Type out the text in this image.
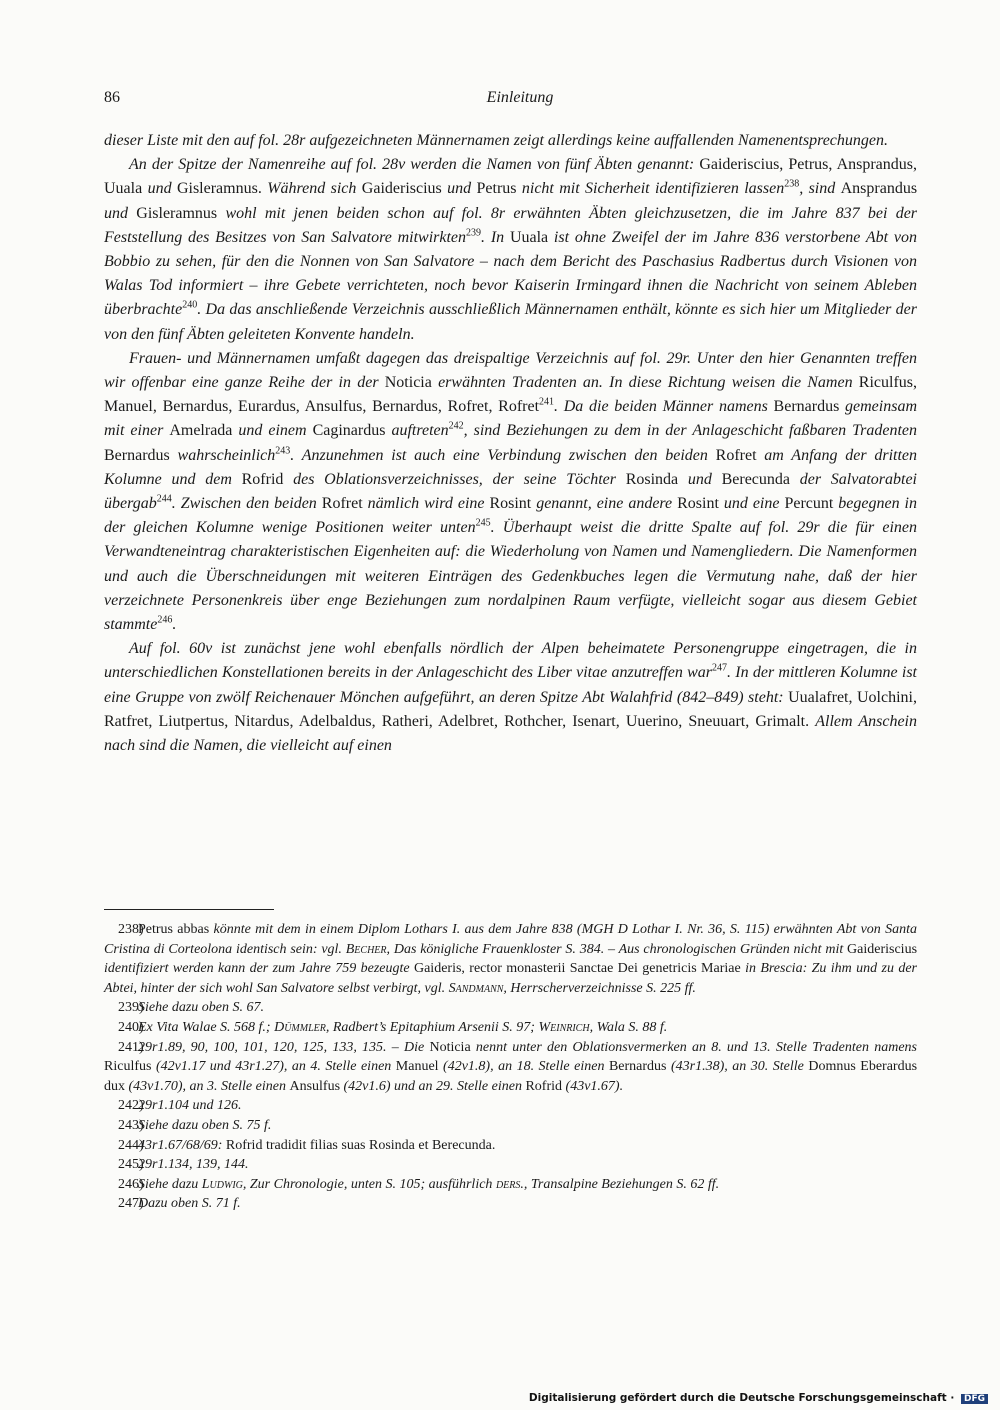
86	Einleitung

dieser Liste mit den auf fol. 28r aufgezeichneten Männernamen zeigt allerdings keine auffallenden Namenentsprechungen.

An der Spitze der Namenreihe auf fol. 28v werden die Namen von fünf Äbten genannt: Gaideriscius, Petrus, Ansprandus, Uuala und Gisleramnus. Während sich Gaideriscius und Petrus nicht mit Sicherheit identifizieren lassen$^{238}$, sind Ansprandus und Gisleramnus wohl mit jenen beiden schon auf fol. 8r erwähnten Äbten gleichzusetzen, die im Jahre 837 bei der Feststellung des Besitzes von San Salvatore mitwirkten$^{239}$. In Uuala ist ohne Zweifel der im Jahre 836 verstorbene Abt von Bobbio zu sehen, für den die Nonnen von San Salvatore – nach dem Bericht des Paschasius Radbertus durch Visionen von Walas Tod informiert – ihre Gebete verrichteten, noch bevor Kaiserin Irmingard ihnen die Nachricht von seinem Ableben überbrachte$^{240}$. Da das anschließende Verzeichnis ausschließlich Männernamen enthält, könnte es sich hier um Mitglieder der von den fünf Äbten geleiteten Konvente handeln.

Frauen- und Männernamen umfaßt dagegen das dreispaltige Verzeichnis auf fol. 29r. Unter den hier Genannten treffen wir offenbar eine ganze Reihe der in der Noticia erwähnten Tradenten an. In diese Richtung weisen die Namen Riculfus, Manuel, Bernardus, Eurardus, Ansulfus, Bernardus, Rofret, Rofret$^{241}$. Da die beiden Männer namens Bernardus gemeinsam mit einer Amelrada und einem Caginardus auftreten$^{242}$, sind Beziehungen zu dem in der Anlageschicht faßbaren Tradenten Bernardus wahrscheinlich$^{243}$. Anzunehmen ist auch eine Verbindung zwischen den beiden Rofret am Anfang der dritten Kolumne und dem Rofrid des Oblationsverzeichnisses, der seine Töchter Rosinda und Berecunda der Salvatorabtei übergab$^{244}$. Zwischen den beiden Rofret nämlich wird eine Rosint genannt, eine andere Rosint und eine Percunt begegnen in der gleichen Kolumne wenige Positionen weiter unten$^{245}$. Überhaupt weist die dritte Spalte auf fol. 29r die für einen Verwandteneintrag charakteristischen Eigenheiten auf: die Wiederholung von Namen und Namengliedern. Die Namenformen und auch die Überschneidungen mit weiteren Einträgen des Gedenkbuches legen die Vermutung nahe, daß der hier verzeichnete Personenkreis über enge Beziehungen zum nordalpinen Raum verfügte, vielleicht sogar aus diesem Gebiet stammte$^{246}$.

Auf fol. 60v ist zunächst jene wohl ebenfalls nördlich der Alpen beheimatete Personengruppe eingetragen, die in unterschiedlichen Konstellationen bereits in der Anlageschicht des Liber vitae anzutreffen war$^{247}$. In der mittleren Kolumne ist eine Gruppe von zwölf Reichenauer Mönchen aufgeführt, an deren Spitze Abt Walahfrid (842–849) steht: Uualafret, Uolchini, Ratfret, Liutpertus, Nitardus, Adelbaldus, Ratheri, Adelbret, Rothcher, Isenart, Uuerino, Sneuuart, Grimalt. Allem Anschein nach sind die Namen, die vielleicht auf einen

238)Petrus abbas könnte mit dem in einem Diplom Lothars I. aus dem Jahre 838 (MGH D Lothar I. Nr. 36, S. 115) erwähnten Abt von Santa Cristina di Corteolona identisch sein: vgl. Becher, Das königliche Frauenkloster S. 384. – Aus chronologischen Gründen nicht mit Gaideriscius identifiziert werden kann der zum Jahre 759 bezeugte Gaideris, rector monasterii Sanctae Dei genetricis Mariae in Brescia: Zu ihm und zu der Abtei, hinter der sich wohl San Salvatore selbst verbirgt, vgl. Sandmann, Herrscherverzeichnisse S. 225 ff.

239)Siehe dazu oben S. 67.

240)Ex Vita Walae S. 568 f.; Dümmler, Radbert’s Epitaphium Arsenii S. 97; Weinrich, Wala S. 88 f.

241)29r1.89, 90, 100, 101, 120, 125, 133, 135. – Die Noticia nennt unter den Oblationsvermerken an 8. und 13. Stelle Tradenten namens Riculfus (42v1.17 und 43r1.27), an 4. Stelle einen Manuel (42v1.8), an 18. Stelle einen Bernardus (43r1.38), an 30. Stelle Domnus Eberardus dux (43v1.70), an 3. Stelle einen Ansulfus (42v1.6) und an 29. Stelle einen Rofrid (43v1.67).

242)29r1.104 und 126.

243)Siehe dazu oben S. 75 f.

244)43r1.67/68/69: Rofrid tradidit filias suas Rosinda et Berecunda.

245)29r1.134, 139, 144.

246)Siehe dazu Ludwig, Zur Chronologie, unten S. 105; ausführlich ders., Transalpine Beziehungen S. 62 ff.

247)Dazu oben S. 71 f.

Digitalisierung gefördert durch die Deutsche Forschungsgemeinschaft · DFG
